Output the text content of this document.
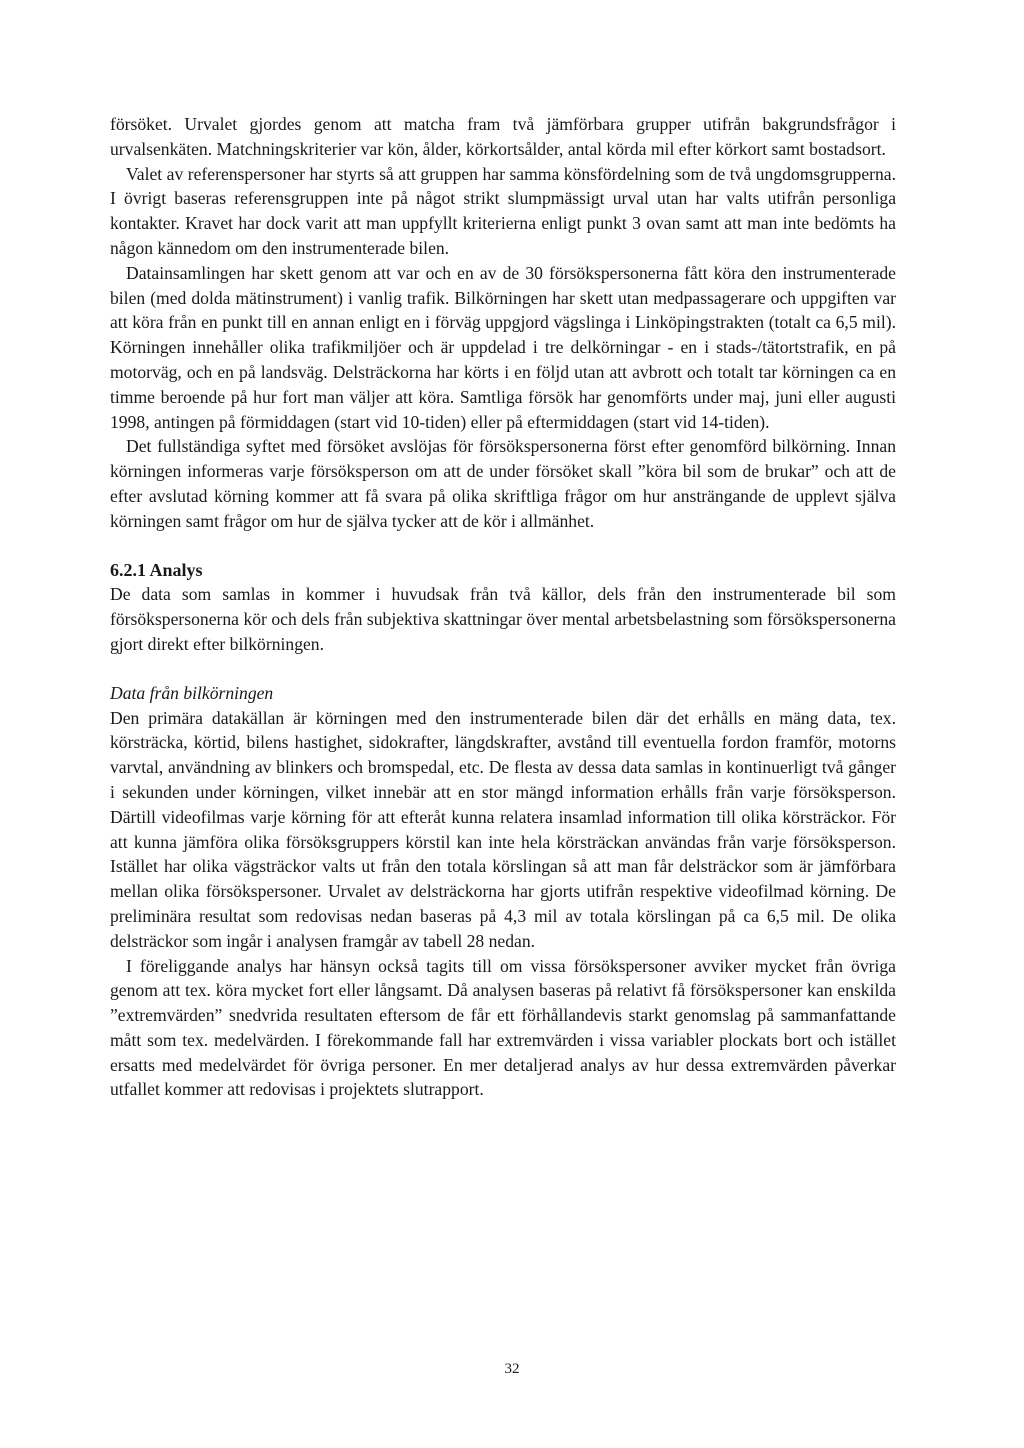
försöket. Urvalet gjordes genom att matcha fram två jämförbara grupper utifrån bakgrundsfrågor i urvalsenkäten. Matchningskriterier var kön, ålder, körkortsålder, antal körda mil efter körkort samt bostadsort.

Valet av referenspersoner har styrts så att gruppen har samma könsfördelning som de två ungdomsgrupperna. I övrigt baseras referensgruppen inte på något strikt slumpmässigt urval utan har valts utifrån personliga kontakter. Kravet har dock varit att man uppfyllt kriterierna enligt punkt 3 ovan samt att man inte bedömts ha någon kännedom om den instrumenterade bilen.

Datainsamlingen har skett genom att var och en av de 30 försökspersonerna fått köra den instrumenterade bilen (med dolda mätinstrument) i vanlig trafik. Bilkörningen har skett utan medpassagerare och uppgiften var att köra från en punkt till en annan enligt en i förväg uppgjord vägslinga i Linköpingstrakten (totalt ca 6,5 mil). Körningen innehåller olika trafikmiljöer och är uppdelad i tre delkörningar - en i stads-/tätortstrafik, en på motorväg, och en på landsväg. Delsträckorna har körts i en följd utan att avbrott och totalt tar körningen ca en timme beroende på hur fort man väljer att köra. Samtliga försök har genomförts under maj, juni eller augusti 1998, antingen på förmiddagen (start vid 10-tiden) eller på eftermiddagen (start vid 14-tiden).

Det fullständiga syftet med försöket avslöjas för försökspersonerna först efter genomförd bilkörning. Innan körningen informeras varje försöksperson om att de under försöket skall ”köra bil som de brukar” och att de efter avslutad körning kommer att få svara på olika skriftliga frågor om hur ansträngande de upplevt själva körningen samt frågor om hur de själva tycker att de kör i allmänhet.

6.2.1 Analys

De data som samlas in kommer i huvudsak från två källor, dels från den instrumenterade bil som försökspersonerna kör och dels från subjektiva skattningar över mental arbetsbelastning som försökspersonerna gjort direkt efter bilkörningen.

Data från bilkörningen

Den primära datakällan är körningen med den instrumenterade bilen där det erhålls en mäng data, tex. körsträcka, körtid, bilens hastighet, sidokrafter, längdskrafter, avstånd till eventuella fordon framför, motorns varvtal, användning av blinkers och bromspedal, etc. De flesta av dessa data samlas in kontinuerligt två gånger i sekunden under körningen, vilket innebär att en stor mängd information erhålls från varje försöksperson. Därtill videofilmas varje körning för att efteråt kunna relatera insamlad information till olika körsträckor. För att kunna jämföra olika försöksgruppers körstil kan inte hela körsträckan användas från varje försöksperson. Istället har olika vägsträckor valts ut från den totala körslingan så att man får delsträckor som är jämförbara mellan olika försökspersoner. Urvalet av delsträckorna har gjorts utifrån respektive videofilmad körning. De preliminära resultat som redovisas nedan baseras på 4,3 mil av totala körslingan på ca 6,5 mil. De olika delsträckor som ingår i analysen framgår av tabell 28 nedan.

I föreliggande analys har hänsyn också tagits till om vissa försökspersoner avviker mycket från övriga genom att tex. köra mycket fort eller långsamt. Då analysen baseras på relativt få försökspersoner kan enskilda ”extremvärden” snedvrida resultaten eftersom de får ett förhållandevis starkt genomslag på sammanfattande mått som tex. medelvärden. I förekommande fall har extremvärden i vissa variabler plockats bort och istället ersatts med medelvärdet för övriga personer. En mer detaljerad analys av hur dessa extremvärden påverkar utfallet kommer att redovisas i projektets slutrapport.

32
